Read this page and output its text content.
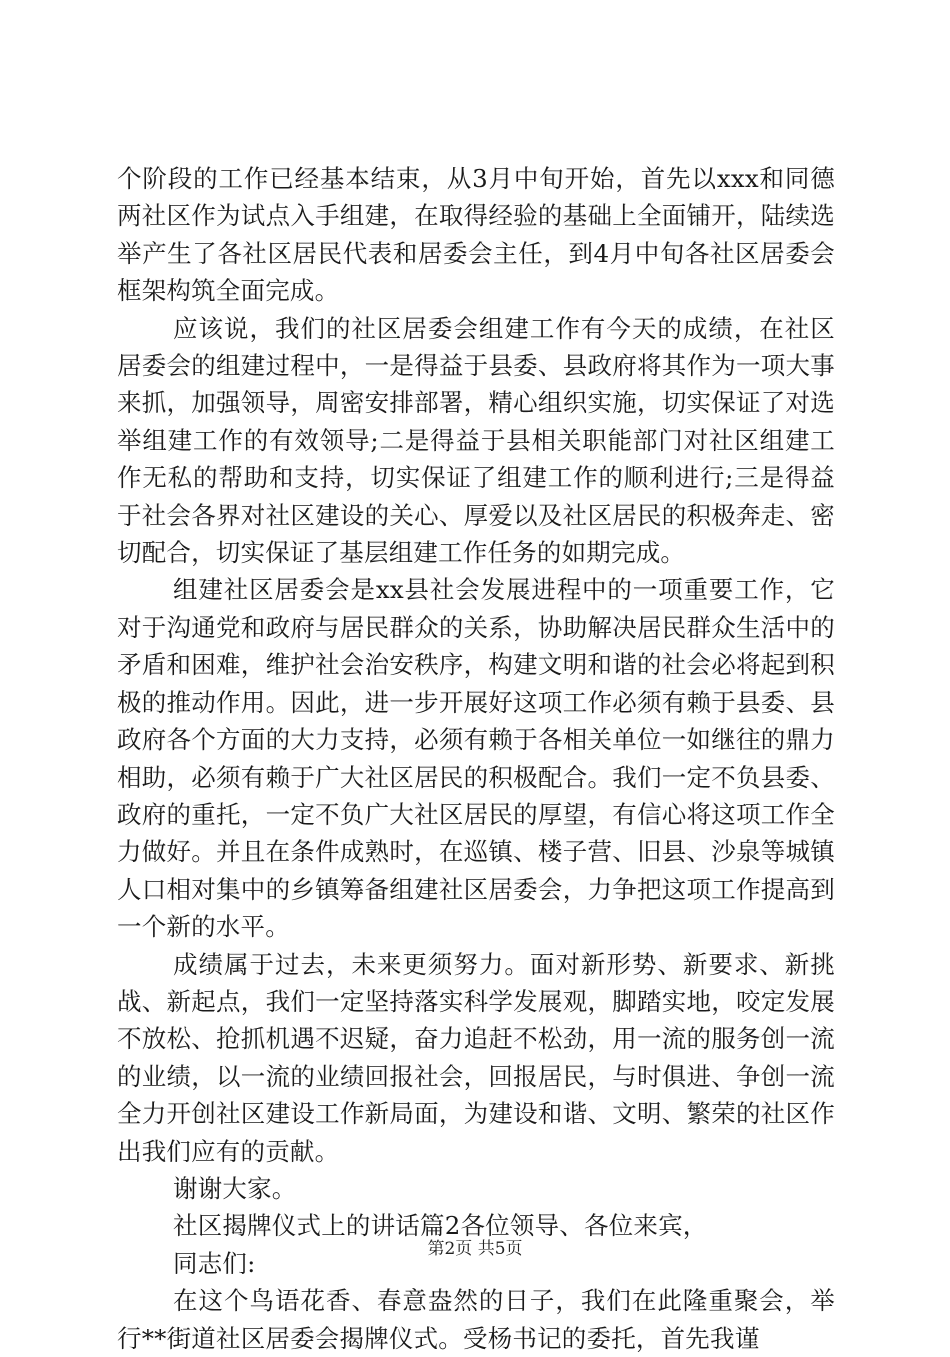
个阶段的工作已经基本结束，从3月中旬开始，首先以xxx和同德两社区作为试点入手组建，在取得经验的基础上全面铺开，陆续选举产生了各社区居民代表和居委会主任，到4月中旬各社区居委会框架构筑全面完成。

应该说，我们的社区居委会组建工作有今天的成绩，在社区居委会的组建过程中，一是得益于县委、县政府将其作为一项大事来抓，加强领导，周密安排部署，精心组织实施，切实保证了对选举组建工作的有效领导;二是得益于县相关职能部门对社区组建工作无私的帮助和支持，切实保证了组建工作的顺利进行;三是得益于社会各界对社区建设的关心、厚爱以及社区居民的积极奔走、密切配合，切实保证了基层组建工作任务的如期完成。

组建社区居委会是xx县社会发展进程中的一项重要工作，它对于沟通党和政府与居民群众的关系，协助解决居民群众生活中的矛盾和困难，维护社会治安秩序，构建文明和谐的社会必将起到积极的推动作用。因此，进一步开展好这项工作必须有赖于县委、县政府各个方面的大力支持，必须有赖于各相关单位一如继往的鼎力相助，必须有赖于广大社区居民的积极配合。我们一定不负县委、政府的重托，一定不负广大社区居民的厚望，有信心将这项工作全力做好。并且在条件成熟时，在巡镇、楼子营、旧县、沙泉等城镇人口相对集中的乡镇筹备组建社区居委会，力争把这项工作提高到一个新的水平。

成绩属于过去，未来更须努力。面对新形势、新要求、新挑战、新起点，我们一定坚持落实科学发展观，脚踏实地，咬定发展不放松、抢抓机遇不迟疑，奋力追赶不松劲，用一流的服务创一流的业绩，以一流的业绩回报社会，回报居民，与时俱进、争创一流全力开创社区建设工作新局面，为建设和谐、文明、繁荣的社区作出我们应有的贡献。

谢谢大家。

社区揭牌仪式上的讲话篇2各位领导、各位来宾，

同志们:

在这个鸟语花香、春意盎然的日子，我们在此隆重聚会，举行**街道社区居委会揭牌仪式。受杨书记的委托，首先我谨

第2页 共5页
